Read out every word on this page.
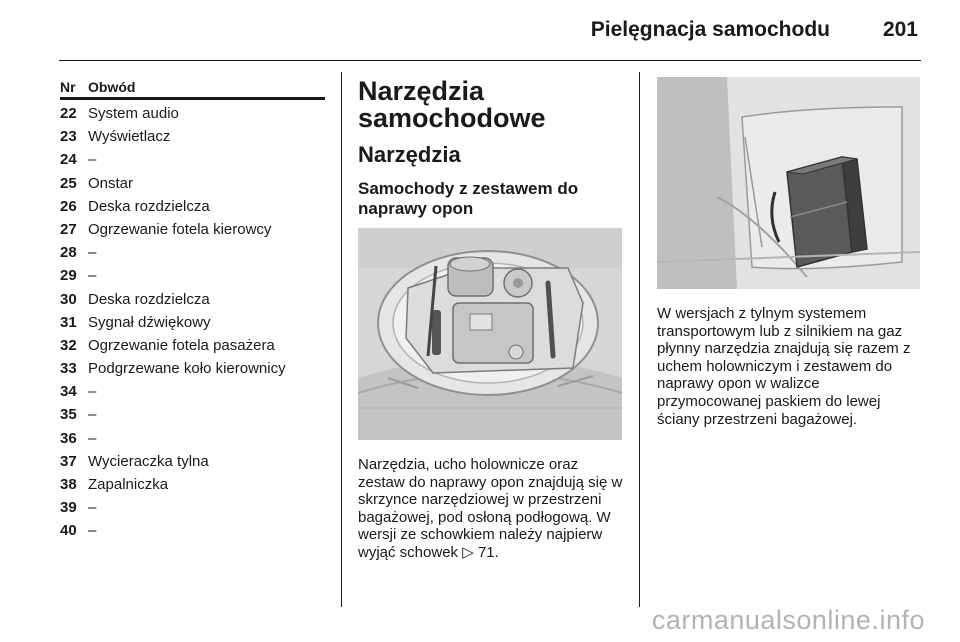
Pielęgnacja samochodu	201
Nr Obwód
22 System audio
23 Wyświetlacz
24 –
25 Onstar
26 Deska rozdzielcza
27 Ogrzewanie fotela kierowcy
28 –
29 –
30 Deska rozdzielcza
31 Sygnał dźwiękowy
32 Ogrzewanie fotela pasażera
33 Podgrzewane koło kierownicy
34 –
35 –
36 –
37 Wycieraczka tylna
38 Zapalniczka
39 –
40 –
Narzędzia samochodowe
Narzędzia
Samochody z zestawem do naprawy opon
Narzędzia, ucho holownicze oraz zestaw do naprawy opon znajdują się w skrzynce narzędziowej w przestrzeni bagażowej, pod osłoną podłogową. W wersji ze schowkiem należy najpierw wyjąć schowek ▷ 71.
W wersjach z tylnym systemem transportowym lub z silnikiem na gaz płynny narzędzia znajdują się razem z uchem holowniczym i zestawem do naprawy opon w walizce przymocowanej paskiem do lewej ściany przestrzeni bagażowej.
carmanualsonline.info
